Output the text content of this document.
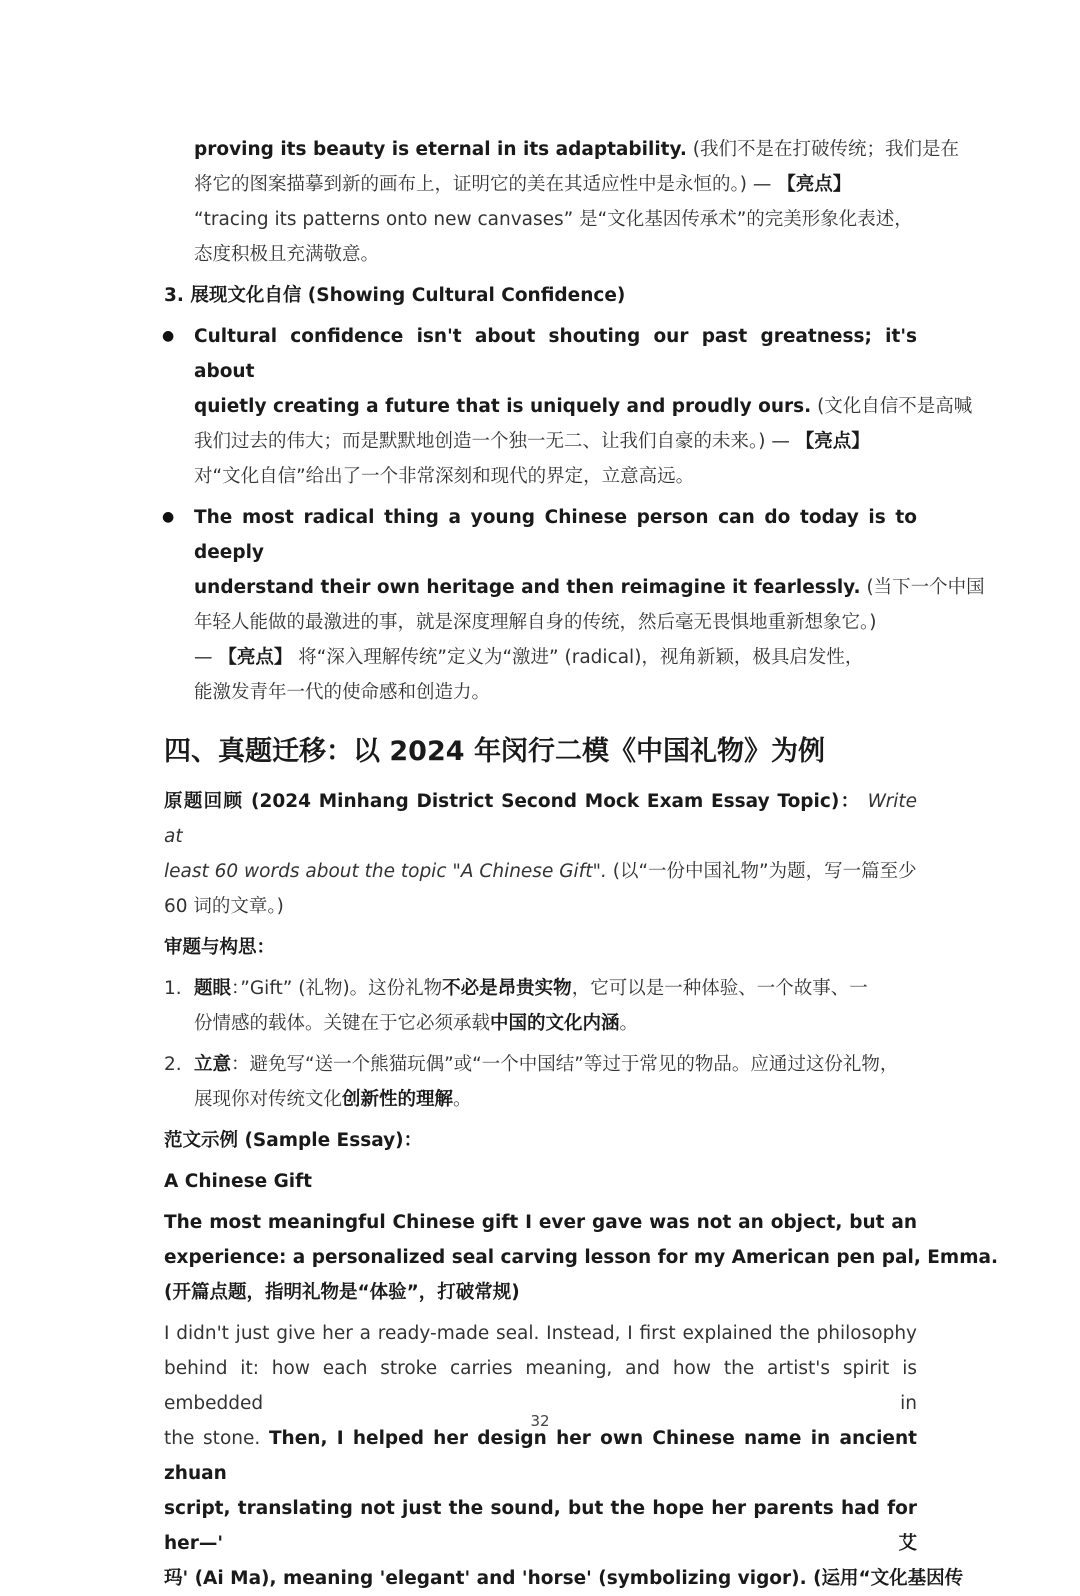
proving its beauty is eternal in its adaptability. (我们不是在打破传统；我们是在
将它的图案描摹到新的画布上，证明它的美在其适应性中是永恒的。) — 【亮点】
“tracing its patterns onto new canvases” 是“文化基因传承术”的完美形象化表述，
态度积极且充满敬意。
3. 展现文化自信 (Showing Cultural Confidence)
●	Cultural confidence isn't about shouting our past greatness; it's about
quietly creating a future that is uniquely and proudly ours. (文化自信不是高喊
我们过去的伟大；而是默默地创造一个独一无二、让我们自豪的未来。) — 【亮点】
对“文化自信”给出了一个非常深刻和现代的界定，立意高远。
●	The most radical thing a young Chinese person can do today is to deeply
understand their own heritage and then reimagine it fearlessly. (当下一个中国
年轻人能做的最激进的事，就是深度理解自身的传统，然后毫无畏惧地重新想象它。)
— 【亮点】 将“深入理解传统”定义为“激进” (radical)，视角新颖，极具启发性，
能激发青年一代的使命感和创造力。
四、真题迁移：以 2024 年闵行二模《中国礼物》为例
原题回顾 (2024 Minhang District Second Mock Exam Essay Topic)： Write at
least 60 words about the topic "A Chinese Gift". (以“一份中国礼物”为题，写一篇至少
60 词的文章。)
审题与构思：
1. 题眼：”Gift” (礼物)。这份礼物不必是昂贵实物，它可以是一种体验、一个故事、一
份情感的载体。关键在于它必须承载中国的文化内涵。
2. 立意：避免写“送一个熊猫玩偶”或“一个中国结”等过于常见的物品。应通过这份礼物，
展现你对传统文化创新性的理解。
范文示例 (Sample Essay)：
A Chinese Gift
The most meaningful Chinese gift I ever gave was not an object, but an
experience: a personalized seal carving lesson for my American pen pal, Emma.
(开篇点题，指明礼物是“体验”，打破常规)
I didn't just give her a ready-made seal. Instead, I first explained the philosophy
behind it: how each stroke carries meaning, and how the artist's spirit is embedded in
the stone. Then, I helped her design her own Chinese name in ancient zhuan
script, translating not just the sound, but the hope her parents had for her—'艾
玛' (Ai Ma), meaning 'elegant' and 'horse' (symbolizing vigor). (运用“文化基因传
32
